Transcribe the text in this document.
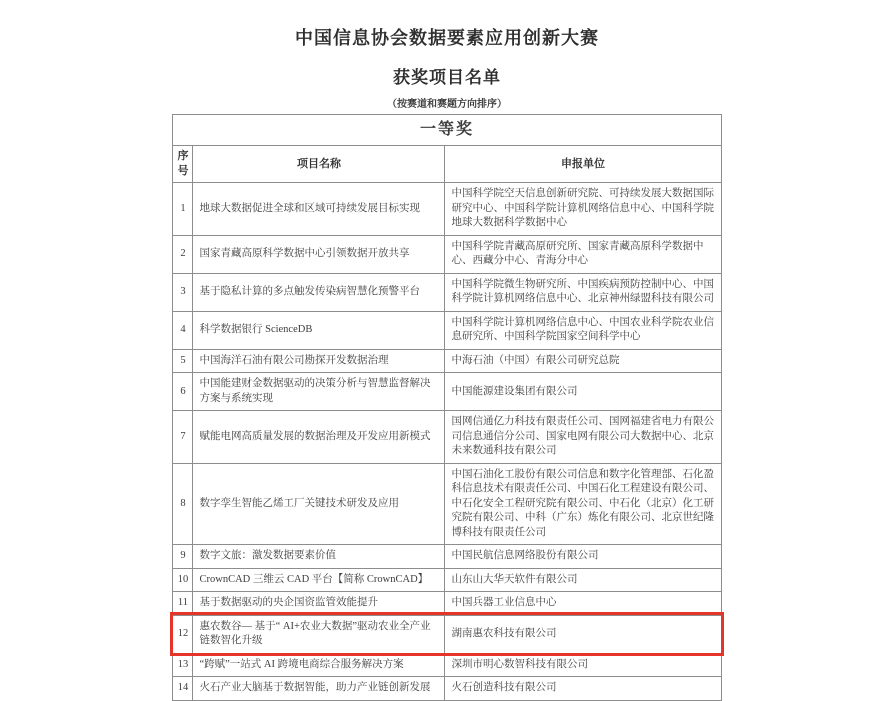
中国信息协会数据要素应用创新大赛
获奖项目名单
（按赛道和赛题方向排序）
一等奖		
序号	项目名称	申报单位
1	地球大数据促进全球和区域可持续发展目标实现	中国科学院空天信息创新研究院、可持续发展大数据国际研究中心、中国科学院计算机网络信息中心、中国科学院地球大数据科学数据中心
2	国家青藏高原科学数据中心引领数据开放共享	中国科学院青藏高原研究所、国家青藏高原科学数据中心、西藏分中心、青海分中心
3	基于隐私计算的多点触发传染病智慧化预警平台	中国科学院微生物研究所、中国疾病预防控制中心、中国科学院计算机网络信息中心、北京神州绿盟科技有限公司
4	科学数据银行 ScienceDB	中国科学院计算机网络信息中心、中国农业科学院农业信息研究所、中国科学院国家空间科学中心
5	中国海洋石油有限公司勘探开发数据治理	中海石油（中国）有限公司研究总院
6	中国能建财金数据驱动的决策分析与智慧监督解决方案与系统实现	中国能源建设集团有限公司
7	赋能电网高质量发展的数据治理及开发应用新模式	国网信通亿力科技有限责任公司、国网福建省电力有限公司信息通信分公司、国家电网有限公司大数据中心、北京未来数通科技有限公司
8	数字孪生智能乙烯工厂关键技术研发及应用	中国石油化工股份有限公司信息和数字化管理部、石化盈科信息技术有限责任公司、中国石化工程建设有限公司、中石化安全工程研究院有限公司、中石化（北京）化工研究院有限公司、中科（广东）炼化有限公司、北京世纪隆博科技有限责任公司
9	数字文旅：激发数据要素价值	中国民航信息网络股份有限公司
10	CrownCAD 三维云 CAD 平台【简称 CrownCAD】	山东山大华天软件有限公司
11	基于数据驱动的央企国资监管效能提升	中国兵器工业信息中心
12	惠农数谷— 基于“ AI+农业大数据”驱动农业全产业链数智化升级	湖南惠农科技有限公司
13	“跨赋”一站式 AI 跨境电商综合服务解决方案	深圳市明心数智科技有限公司
14	火石产业大脑基于数据智能，助力产业链创新发展	火石创造科技有限公司
